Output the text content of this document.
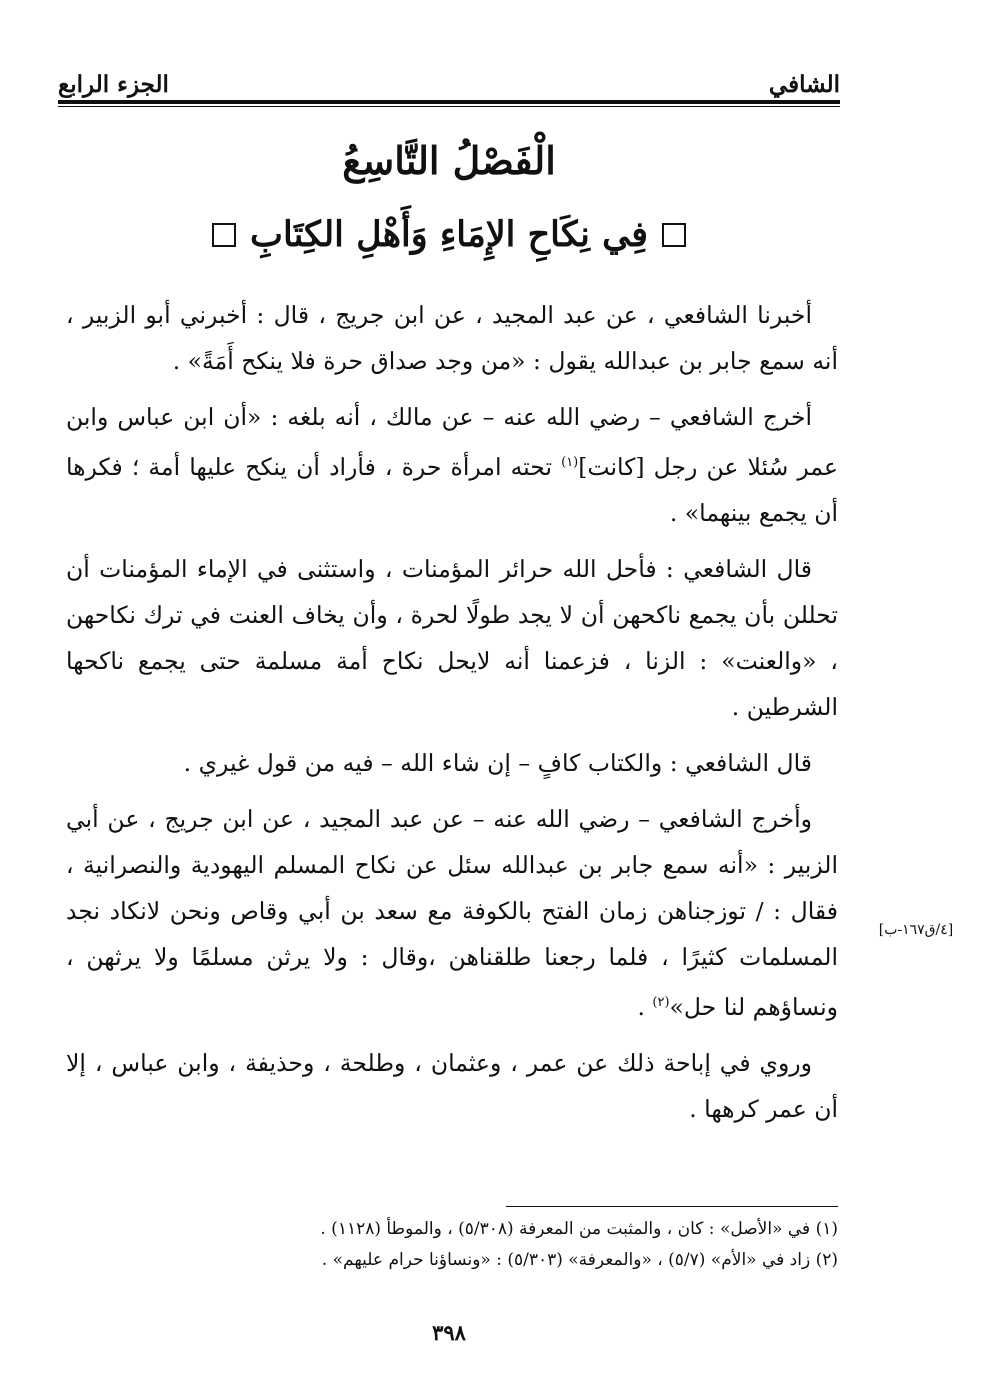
الشافي
الجزء الرابع
الْفَصْلُ التَّاسِعُ
فِي نِكَاحِ الإِمَاءِ وَأَهْلِ الكِتَابِ

أخبرنا الشافعي ، عن عبد المجيد ، عن ابن جريج ، قال : أخبرني أبو الزبير ، أنه سمع جابر بن عبدالله يقول : «من وجد صداق حرة فلا ينكح أَمَةً» .

أخرج الشافعي – رضي الله عنه – عن مالك ، أنه بلغه : «أن ابن عباس وابن عمر سُئلا عن رجل [كانت]$^{(١)}$ تحته امرأة حرة ، فأراد أن ينكح عليها أمة ؛ فكرها أن يجمع بينهما» .

قال الشافعي : فأحل الله حرائر المؤمنات ، واستثنى في الإماء المؤمنات أن تحللن بأن يجمع ناكحهن أن لا يجد طولًا لحرة ، وأن يخاف العنت في ترك نكاحهن ، «والعنت» : الزنا ، فزعمنا أنه لايحل نكاح أمة مسلمة حتى يجمع ناكحها الشرطين .

قال الشافعي : والكتاب كافٍ – إن شاء الله – فيه من قول غيري .

وأخرج الشافعي – رضي الله عنه – عن عبد المجيد ، عن ابن جريج ، عن أبي الزبير : «أنه سمع جابر بن عبدالله سئل عن نكاح المسلم اليهودية والنصرانية ، فقال : / توزجناهن زمان الفتح بالكوفة مع سعد بن أبي وقاص ونحن لانكاد نجد المسلمات كثيرًا ، فلما رجعنا طلقناهن ،وقال : ولا يرثن مسلمًا ولا يرثهن ، ونساؤهم لنا حل»$^{(٢)}$ .

وروي في إباحة ذلك عن عمر ، وعثمان ، وطلحة ، وحذيفة ، وابن عباس ، إلا أن عمر كرهها .

[٤/ق١٦٧-ب]
(١) في «الأصل» : كان ، والمثبت من المعرفة (٥/٣٠٨) ، والموطأ (١١٢٨) .
(٢) زاد في «الأم» (٥/٧) ، «والمعرفة» (٥/٣٠٣) : «ونساؤنا حرام عليهم» .
٣٩٨
